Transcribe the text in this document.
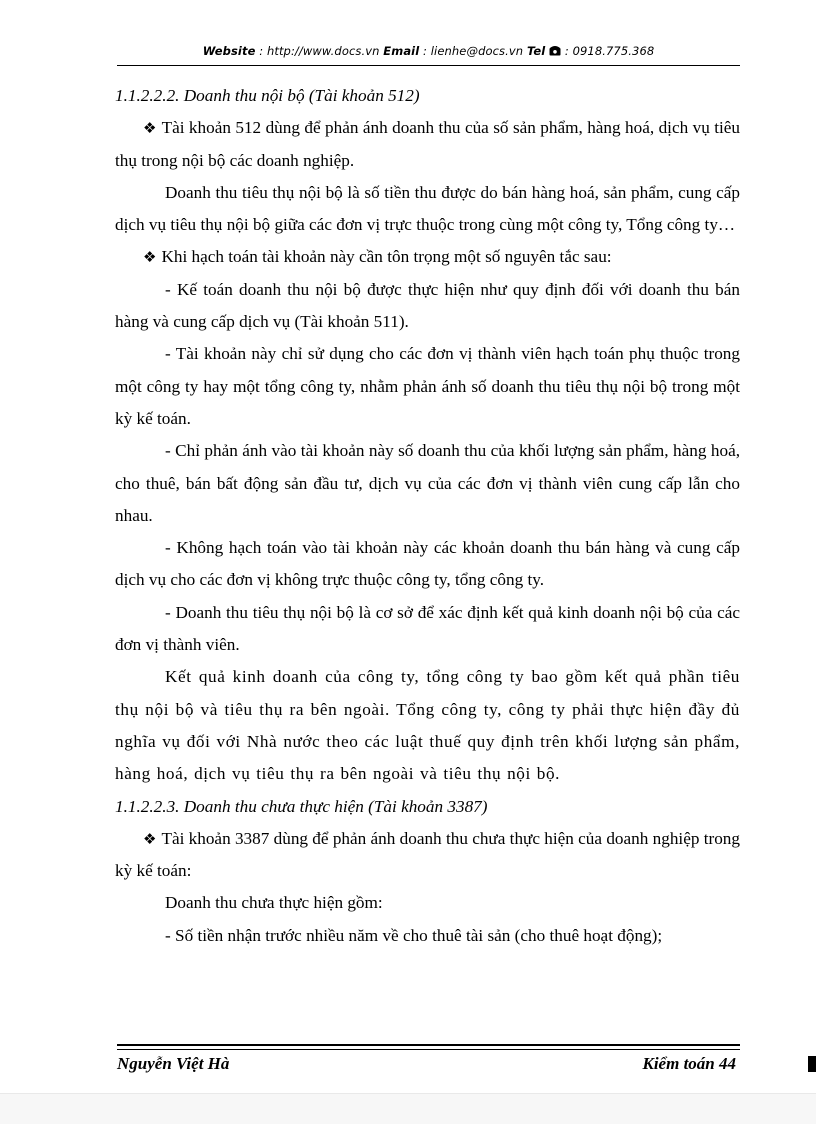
Website : http://www.docs.vn Email : lienhe@docs.vn Tel  : 0918.775.368

1.1.2.2.2. Doanh thu nội bộ (Tài khoản 512)

❖ Tài khoản 512 dùng để phản ánh doanh thu của số sản phẩm, hàng hoá, dịch vụ tiêu thụ trong nội bộ các doanh nghiệp.

Doanh thu tiêu thụ nội bộ là số tiền thu được do bán hàng hoá, sản phẩm, cung cấp dịch vụ tiêu thụ nội bộ giữa các đơn vị trực thuộc trong cùng một công ty, Tổng công ty…

❖ Khi hạch toán tài khoản này cần tôn trọng một số nguyên tắc sau:

- Kế toán doanh thu nội bộ được thực hiện như quy định đối với doanh thu bán hàng và cung cấp dịch vụ (Tài khoản 511).

- Tài khoản này chỉ sử dụng cho các đơn vị thành viên hạch toán phụ thuộc trong một công ty hay một tổng công ty, nhằm phản ánh số doanh thu tiêu thụ nội bộ trong một kỳ kế toán.

- Chỉ phản ánh vào tài khoản này số doanh thu của khối lượng sản phẩm, hàng hoá, cho thuê, bán bất động sản đầu tư, dịch vụ của các đơn vị thành viên cung cấp lẫn cho nhau.

- Không hạch toán vào tài khoản này các khoản doanh thu bán hàng và cung cấp dịch vụ cho các đơn vị không trực thuộc công ty, tổng công ty.

- Doanh thu tiêu thụ nội bộ là cơ sở để xác định kết quả kinh doanh nội bộ của các đơn vị thành viên.

Kết quả kinh doanh của công ty, tổng công ty bao gồm kết quả phần tiêu thụ nội bộ và tiêu thụ ra bên ngoài. Tổng công ty, công ty phải thực hiện đầy đủ nghĩa vụ đối với Nhà nước theo các luật thuế quy định trên khối lượng sản phẩm, hàng hoá, dịch vụ tiêu thụ ra bên ngoài và tiêu thụ nội bộ.

1.1.2.2.3. Doanh thu chưa thực hiện (Tài khoản 3387)

❖ Tài khoản 3387 dùng để phản ánh doanh thu chưa thực hiện của doanh nghiệp trong kỳ kế toán:

Doanh thu chưa thực hiện gồm:

- Số tiền nhận trước nhiều năm về cho thuê tài sản (cho thuê hoạt động);

Nguyễn Việt Hà	Kiểm toán 44
